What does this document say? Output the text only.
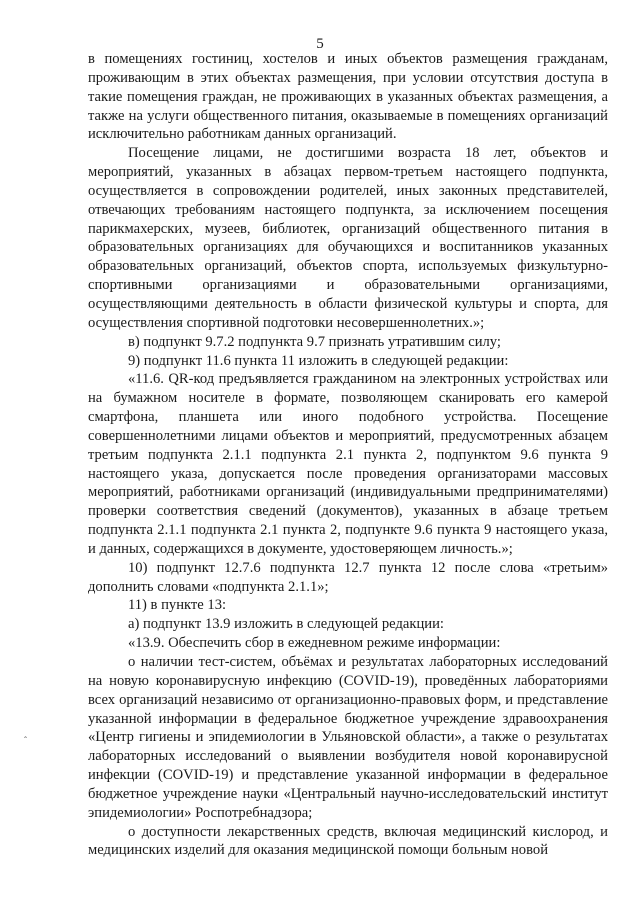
5

в помещениях гостиниц, хостелов и иных объектов размещения гражданам, проживающим в этих объектах размещения, при условии отсутствия доступа в такие помещения граждан, не проживающих в указанных объектах размещения, а также на услуги общественного питания, оказываемые в помещениях организаций исключительно работникам данных организаций.

Посещение лицами, не достигшими возраста 18 лет, объектов и мероприятий, указанных в абзацах первом-третьем настоящего подпункта, осуществляется в сопровождении родителей, иных законных представителей, отвечающих требованиям настоящего подпункта, за исключением посещения парикмахерских, музеев, библиотек, организаций общественного питания в образовательных организациях для обучающихся и воспитанников указанных образовательных организаций, объектов спорта, используемых физкультурно-спортивными организациями и образовательными организациями, осуществляющими деятельность в области физической культуры и спорта, для осуществления спортивной подготовки несовершеннолетних.»;

в) подпункт 9.7.2 подпункта 9.7 признать утратившим силу;

9) подпункт 11.6 пункта 11 изложить в следующей редакции:

«11.6. QR-код предъявляется гражданином на электронных устройствах или на бумажном носителе в формате, позволяющем сканировать его камерой смартфона, планшета или иного подобного устройства. Посещение совершеннолетними лицами объектов и мероприятий, предусмотренных абзацем третьим подпункта 2.1.1 подпункта 2.1 пункта 2, подпунктом 9.6 пункта 9 настоящего указа, допускается после проведения организаторами массовых мероприятий, работниками организаций (индивидуальными предпринимателями) проверки соответствия сведений (документов), указанных в абзаце третьем подпункта 2.1.1 подпункта 2.1 пункта 2, подпункте 9.6 пункта 9 настоящего указа, и данных, содержащихся в документе, удостоверяющем личность.»;

10) подпункт 12.7.6 подпункта 12.7 пункта 12 после слова «третьим» дополнить словами «подпункта 2.1.1»;

11) в пункте 13:

а) подпункт 13.9 изложить в следующей редакции:

«13.9. Обеспечить сбор в ежедневном режиме информации:

о наличии тест-систем, объёмах и результатах лабораторных исследований на новую коронавирусную инфекцию (COVID-19), проведённых лабораториями всех организаций независимо от организационно-правовых форм, и представление указанной информации в федеральное бюджетное учреждение здравоохранения «Центр гигиены и эпидемиологии в Ульяновской области», а также о результатах лабораторных исследований о выявлении возбудителя новой коронавирусной инфекции (COVID-19) и представление указанной информации в федеральное бюджетное учреждение науки «Центральный научно-исследовательский институт эпидемиологии» Роспотребнадзора;

о доступности лекарственных средств, включая медицинский кислород, и медицинских изделий для оказания медицинской помощи больным новой

ˆ
